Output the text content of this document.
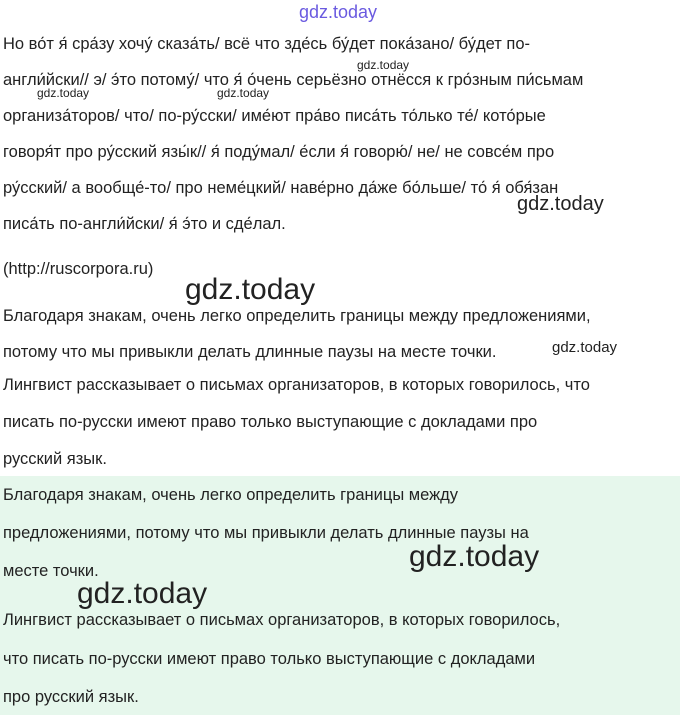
gdz.today
Но во́т я́ сра́зу хочу́ сказа́ть/ всё что зде́сь бу́дет пока́зано/ бу́дет по-
англи́йски// э/ э́то потому́/ что я́ о́чень серьёзно отнёсся к гро́зным пи́сьмам
организа́торов/ что/ по-ру́сски/ име́ют пра́во писа́ть то́лько те́/ кото́рые
говоря́т про ру́сский язы́к// я́ поду́мал/ е́сли я́ говорю́/ не/ не совсе́м про
ру́сский/ а вообще́-то/ про неме́цкий/ наве́рно да́же бо́льше/ то́ я́ обя́зан
писа́ть по-англи́йски/ я́ э́то и сде́лал.
(http://ruscorpora.ru)
Благодаря знакам, очень легко определить границы между предложениями,
потому что мы привыкли делать длинные паузы на месте точки.
Лингвист рассказывает о письмах организаторов, в которых говорилось, что
писать по-русски имеют право только выступающие с докладами про
русский язык.
Благодаря знакам, очень легко определить границы между
предложениями, потому что мы привыкли делать длинные паузы на
месте точки.
Лингвист рассказывает о письмах организаторов, в которых говорилось,
что писать по-русски имеют право только выступающие с докладами
про русский язык.
gdz.today
gdz.today	gdz.today
gdz.today
gdz.today
gdz.today
gdz.today
gdz.today
